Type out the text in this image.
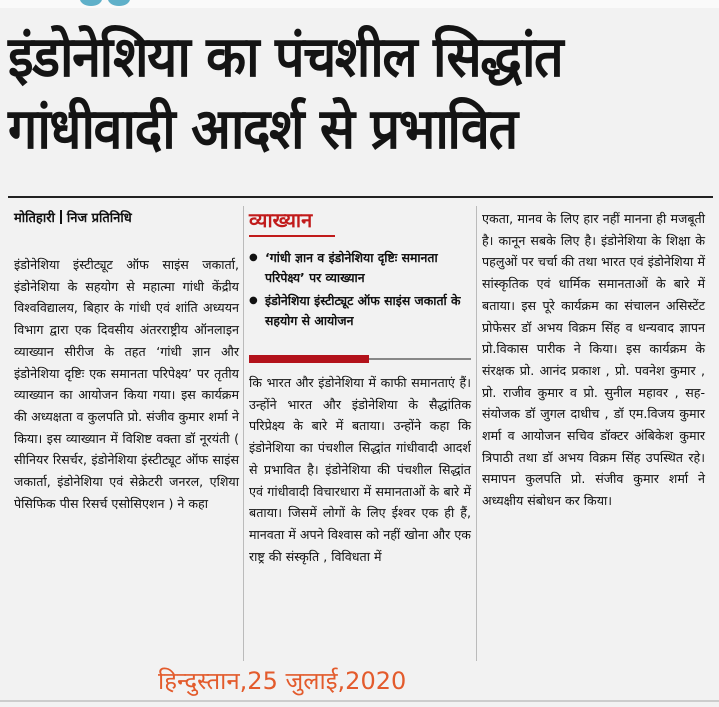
इंडोनेशिया का पंचशील सिद्धांत
गांधीवादी आदर्श से प्रभावित
मोतिहारी निज प्रतिनिधि
इंडोनेशिया इंस्टीट्यूट ऑफ साइंस जकार्ता, इंडोनेशिया के सहयोग से महात्मा गांधी केंद्रीय विश्वविद्यालय, बिहार के गांधी एवं शांति अध्ययन विभाग द्वारा एक दिवसीय अंतरराष्ट्रीय ऑनलाइन व्याख्यान सीरीज के तहत ‘गांधी ज्ञान और इंडोनेशिया दृष्टिः एक समानता परिपेक्ष्य’ पर तृतीय व्याख्यान का आयोजन किया गया। इस कार्यक्रम की अध्यक्षता व कुलपति प्रो. संजीव कुमार शर्मा ने किया। इस व्याख्यान में विशिष्ट वक्ता डॉ नूरयंती ( सीनियर रिसर्चर, इंडोनेशिया इंस्टीट्यूट ऑफ साइंस जकार्ता, इंडोनेशिया एवं सेक्रेटरी जनरल, एशिया पेसिफिक पीस रिसर्च एसोसिएशन ) ने कहा
व्याख्यान
● ‘गांधी ज्ञान व इंडोनेशिया दृष्टिः समानता परिपेक्ष्य’ पर व्याख्यान
● इंडोनेशिया इंस्टीट्यूट ऑफ साइंस जकार्ता के सहयोग से आयोजन
कि भारत और इंडोनेशिया में काफी समानताएं हैं। उन्होंने भारत और इंडोनेशिया के सैद्धांतिक परिप्रेक्ष्य के बारे में बताया। उन्होंने कहा कि इंडोनेशिया का पंचशील सिद्धांत गांधीवादी आदर्श से प्रभावित है। इंडोनेशिया की पंचशील सिद्धांत एवं गांधीवादी विचारधारा में समानताओं के बारे में बताया। जिसमें लोगों के लिए ईश्वर एक ही हैं, मानवता में अपने विश्वास को नहीं खोना और एक राष्ट्र की संस्कृति , विविधता में
एकता, मानव के लिए हार नहीं मानना ही मजबूती है। कानून सबके लिए है। इंडोनेशिया के शिक्षा के पहलुओं पर चर्चा की तथा भारत एवं इंडोनेशिया में सांस्कृतिक एवं धार्मिक समानताओं के बारे में बताया। इस पूरे कार्यक्रम का संचालन असिस्टेंट प्रोफेसर डॉ अभय विक्रम सिंह व धन्यवाद ज्ञापन प्रो.विकास पारीक ने किया। इस कार्यक्रम के संरक्षक प्रो. आनंद प्रकाश , प्रो. पवनेश कुमार , प्रो. राजीव कुमार व प्रो. सुनील महावर , सह-संयोजक डॉ जुगल दाधीच , डॉ एम.विजय कुमार शर्मा व आयोजन सचिव डॉक्टर अंबिकेश कुमार त्रिपाठी तथा डॉ अभय विक्रम सिंह उपस्थित रहे। समापन कुलपति प्रो. संजीव कुमार शर्मा ने अध्यक्षीय संबोधन कर किया।
हिन्दुस्तान,25 जुलाई,2020
